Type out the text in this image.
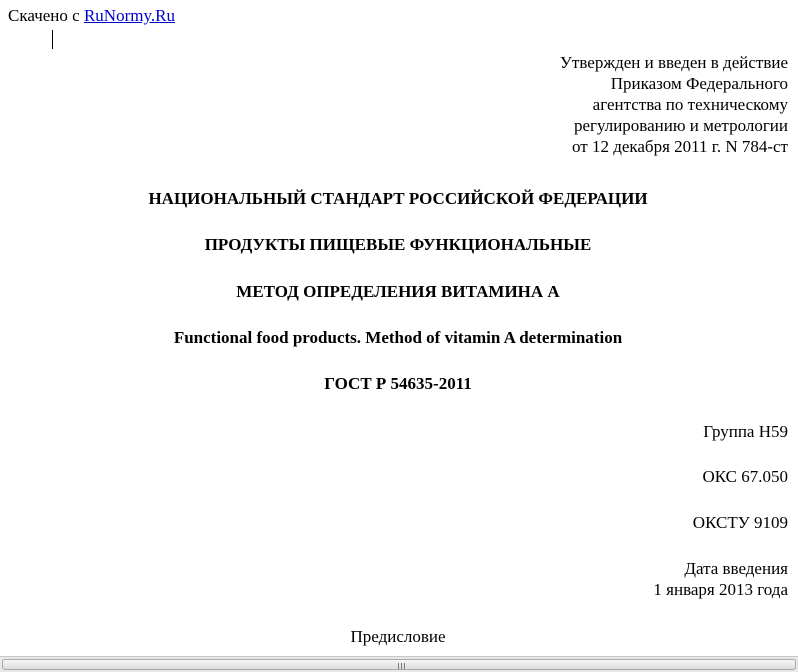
Скачено с RuNormy.Ru
Утвержден и введен в действие
Приказом Федерального
агентства по техническому
регулированию и метрологии
от 12 декабря 2011 г. N 784-ст
НАЦИОНАЛЬНЫЙ СТАНДАРТ РОССИЙСКОЙ ФЕДЕРАЦИИ
ПРОДУКТЫ ПИЩЕВЫЕ ФУНКЦИОНАЛЬНЫЕ
МЕТОД ОПРЕДЕЛЕНИЯ ВИТАМИНА А
Functional food products. Method of vitamin A determination
ГОСТ Р 54635-2011
Группа Н59
ОКС 67.050
ОКСТУ 9109
Дата введения
1 января 2013 года
Предисловие
